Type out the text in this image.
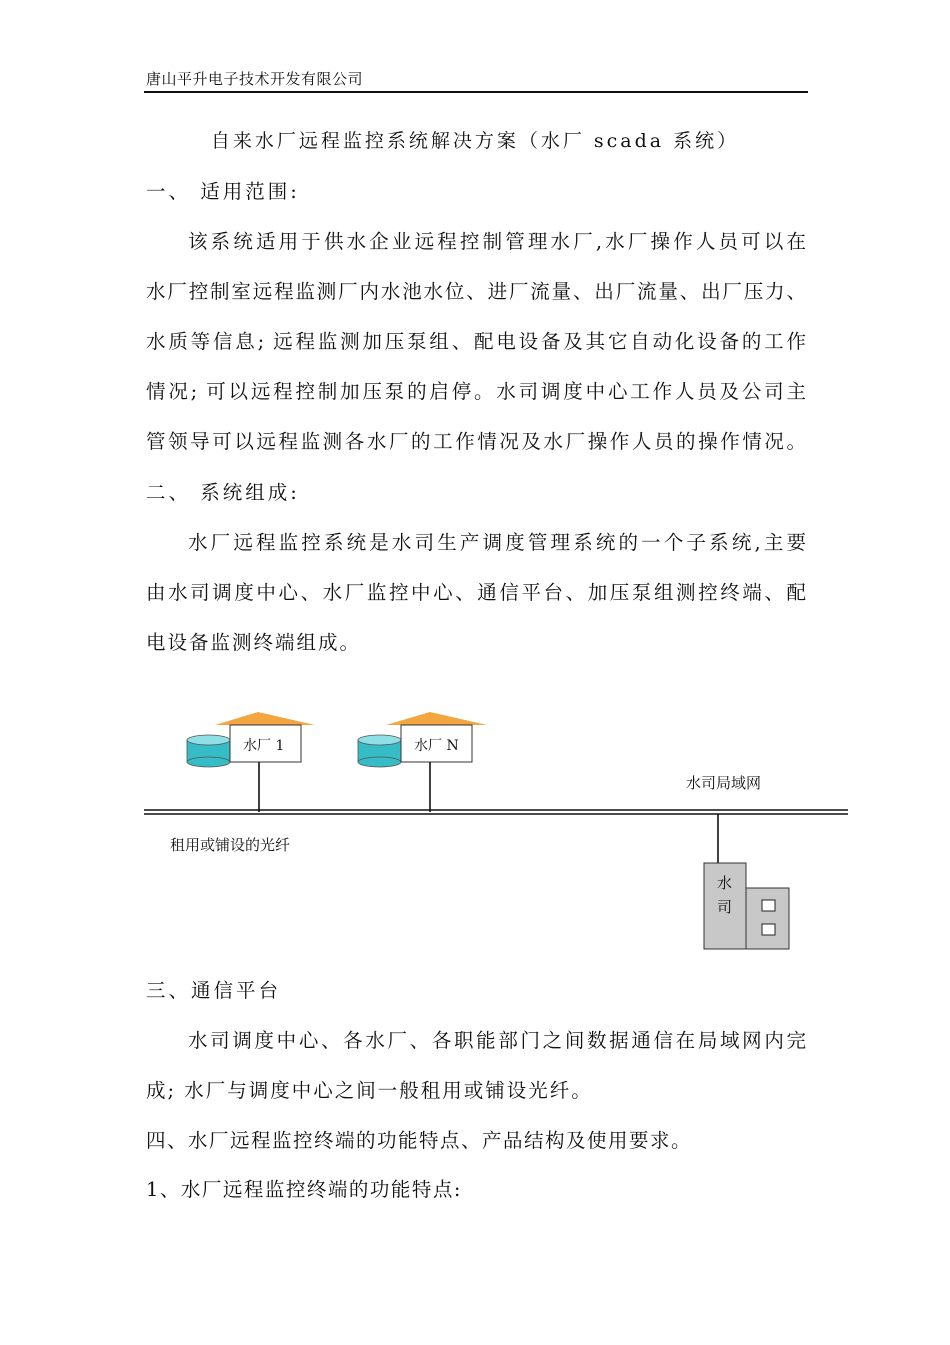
唐山平升电子技术开发有限公司
自来水厂远程监控系统解决方案（水厂 scada 系统）
一、 适用范围:
该系统适用于供水企业远程控制管理水厂,水厂操作人员可以在
水厂控制室远程监测厂内水池水位、进厂流量、出厂流量、出厂压力、
水质等信息; 远程监测加压泵组、配电设备及其它自动化设备的工作
情况; 可以远程控制加压泵的启停。水司调度中心工作人员及公司主
管领导可以远程监测各水厂的工作情况及水厂操作人员的操作情况。
二、 系统组成:
水厂远程监控系统是水司生产调度管理系统的一个子系统,主要
由水司调度中心、水厂监控中心、通信平台、加压泵组测控终端、配
电设备监测终端组成。
水厂 1	水厂 N
水司局域网
租用或铺设的光纤
水
司
三、通信平台
水司调度中心、各水厂、各职能部门之间数据通信在局域网内完
成; 水厂与调度中心之间一般租用或铺设光纤。
四、水厂远程监控终端的功能特点、产品结构及使用要求。
1、水厂远程监控终端的功能特点:
